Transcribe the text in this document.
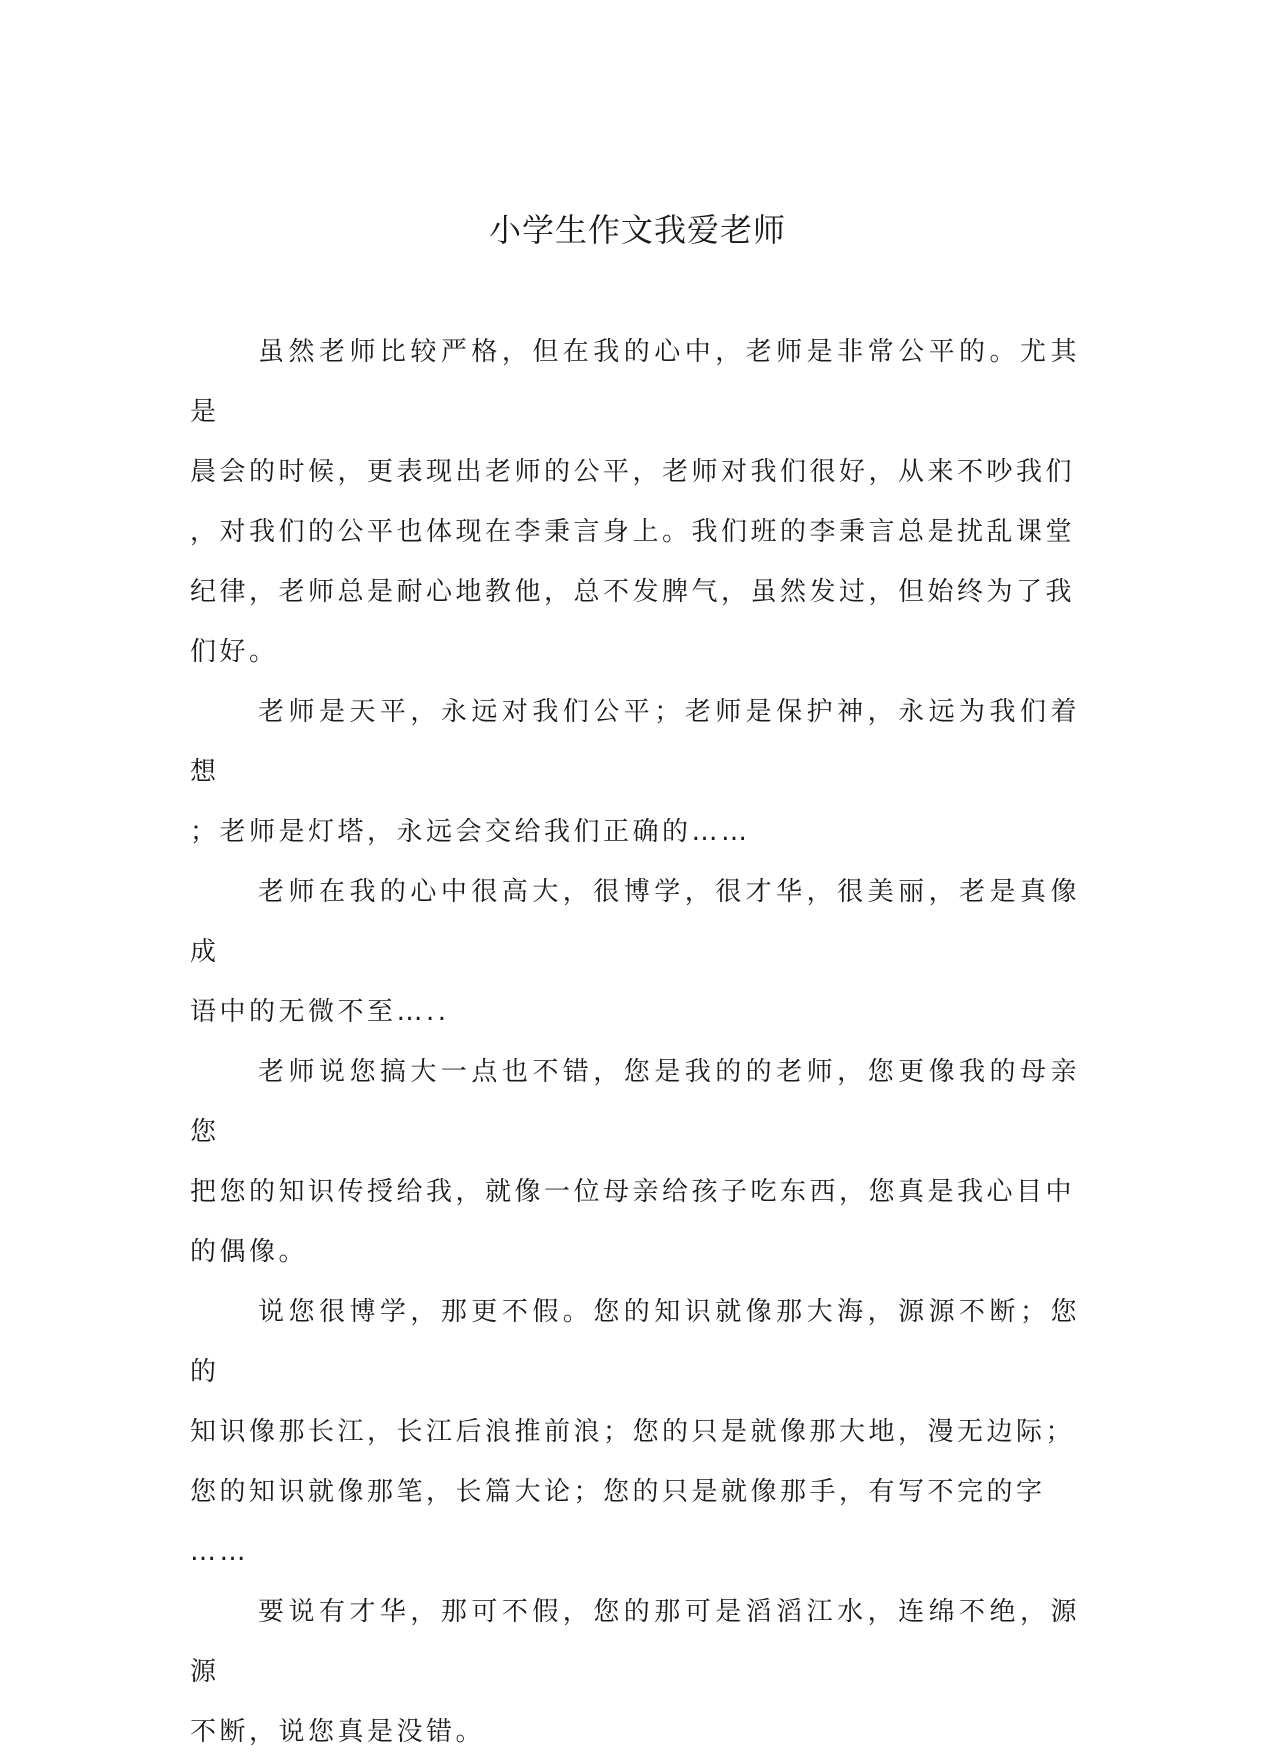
小学生作文我爱老师

虽然老师比较严格，但在我的心中，老师是非常公平的。尤其是
晨会的时候，更表现出老师的公平，老师对我们很好，从来不吵我们
，对我们的公平也体现在李秉言身上。我们班的李秉言总是扰乱课堂
纪律，老师总是耐心地教他，总不发脾气，虽然发过，但始终为了我
们好。

老师是天平，永远对我们公平；老师是保护神，永远为我们着想
；老师是灯塔，永远会交给我们正确的……

老师在我的心中很高大，很博学，很才华，很美丽，老是真像成
语中的无微不至…..

老师说您搞大一点也不错，您是我的的老师，您更像我的母亲您
把您的知识传授给我，就像一位母亲给孩子吃东西，您真是我心目中
的偶像。

说您很博学，那更不假。您的知识就像那大海，源源不断；您的
知识像那长江，长江后浪推前浪；您的只是就像那大地，漫无边际；
您的知识就像那笔，长篇大论；您的只是就像那手，有写不完的字
……

要说有才华，那可不假，您的那可是滔滔江水，连绵不绝，源源
不断，说您真是没错。
